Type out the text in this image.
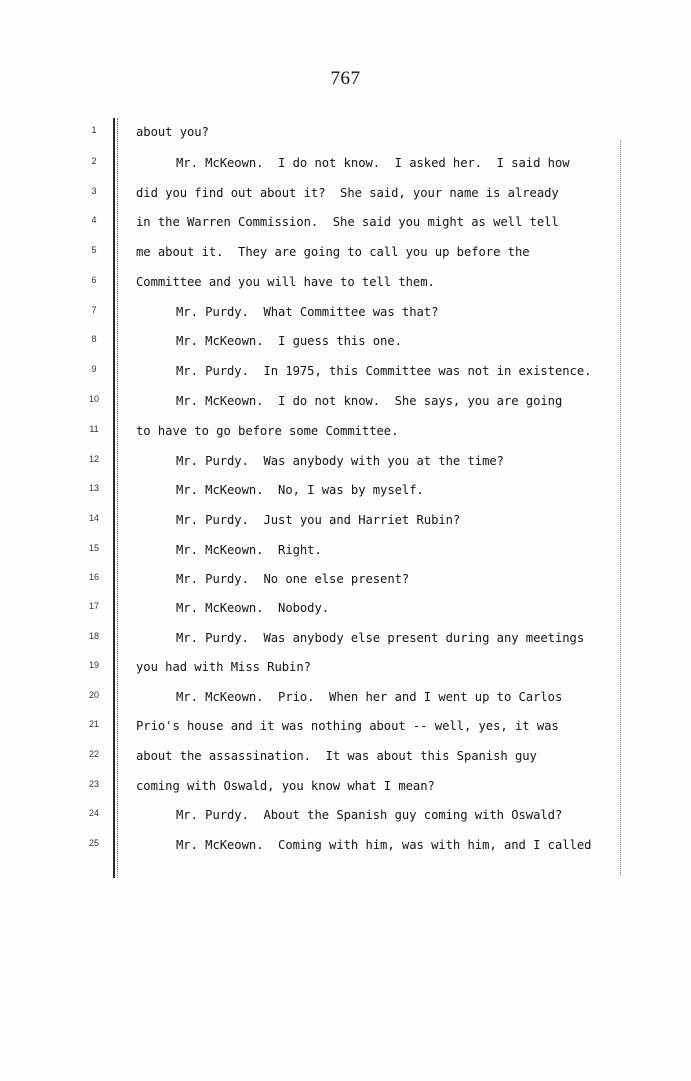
767
1
2
3
4
5
6
7
8
9
10
11
12
13
14
15
16
17
18
19
20
21
22
23
24
25
about you?
Mr. McKeown.  I do not know.  I asked her.  I said how
did you find out about it?  She said, your name is already
in the Warren Commission.  She said you might as well tell
me about it.  They are going to call you up before the
Committee and you will have to tell them.
Mr. Purdy.  What Committee was that?
Mr. McKeown.  I guess this one.
Mr. Purdy.  In 1975, this Committee was not in existence.
Mr. McKeown.  I do not know.  She says, you are going
to have to go before some Committee.
Mr. Purdy.  Was anybody with you at the time?
Mr. McKeown.  No, I was by myself.
Mr. Purdy.  Just you and Harriet Rubin?
Mr. McKeown.  Right.
Mr. Purdy.  No one else present?
Mr. McKeown.  Nobody.
Mr. Purdy.  Was anybody else present during any meetings
you had with Miss Rubin?
Mr. McKeown.  Prio.  When her and I went up to Carlos
Prio's house and it was nothing about -- well, yes, it was
about the assassination.  It was about this Spanish guy
coming with Oswald, you know what I mean?
Mr. Purdy.  About the Spanish guy coming with Oswald?
Mr. McKeown.  Coming with him, was with him, and I called
